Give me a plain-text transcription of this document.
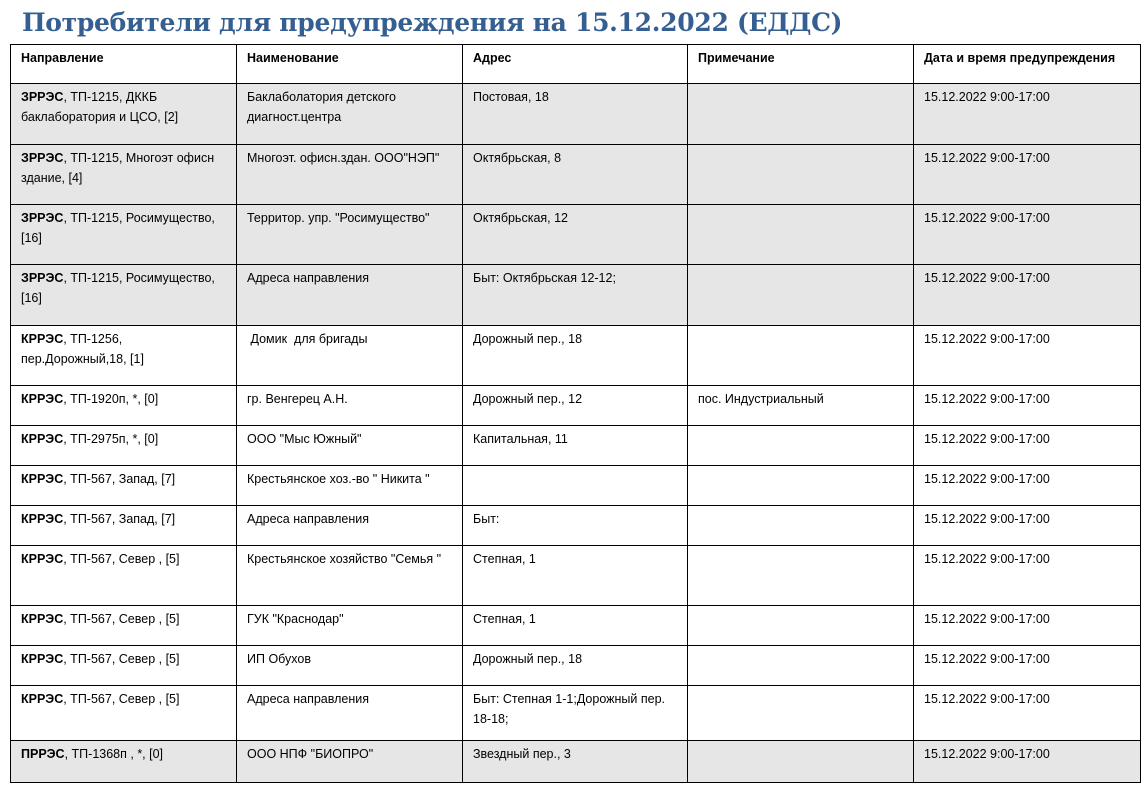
Потребители для предупреждения на 15.12.2022 (ЕДДС)
Направление	Наименование	Адрес	Примечание	Дата и время предупреждения
ЗРРЭС, ТП-1215, ДККБ баклаборатория и ЦСО, [2]	Баклаболатория детского диагност.центра	Постовая, 18		15.12.2022 9:00-17:00
ЗРРЭС, ТП-1215, Многоэт офисн здание, [4]	Многоэт. офисн.здан. ООО"НЭП"	Октябрьская, 8		15.12.2022 9:00-17:00
ЗРРЭС, ТП-1215, Росимущество, [16]	Территор. упр. "Росимущество"	Октябрьская, 12		15.12.2022 9:00-17:00
ЗРРЭС, ТП-1215, Росимущество, [16]	Адреса направления	Быт: Октябрьская 12-12;		15.12.2022 9:00-17:00
КРРЭС, ТП-1256, пер.Дорожный,18, [1]	Домик  для бригады	Дорожный пер., 18		15.12.2022 9:00-17:00
КРРЭС, ТП-1920п, *, [0]	гр. Венгерец А.Н.	Дорожный пер., 12	пос. Индустриальный	15.12.2022 9:00-17:00
КРРЭС, ТП-2975п, *, [0]	ООО "Мыс Южный"	Капитальная, 11		15.12.2022 9:00-17:00
КРРЭС, ТП-567, Запад, [7]	Крестьянское хоз.-во " Никита "			15.12.2022 9:00-17:00
КРРЭС, ТП-567, Запад, [7]	Адреса направления	Быт:		15.12.2022 9:00-17:00
КРРЭС, ТП-567, Север , [5]	Крестьянское хозяйство "Семья "	Степная, 1		15.12.2022 9:00-17:00
КРРЭС, ТП-567, Север , [5]	ГУК "Краснодар"	Степная, 1		15.12.2022 9:00-17:00
КРРЭС, ТП-567, Север , [5]	ИП Обухов	Дорожный пер., 18		15.12.2022 9:00-17:00
КРРЭС, ТП-567, Север , [5]	Адреса направления	Быт: Степная 1-1;Дорожный пер. 18-18;		15.12.2022 9:00-17:00
ПРРЭС, ТП-1368п , *, [0]	ООО НПФ "БИОПРО"	Звездный пер., 3		15.12.2022 9:00-17:00
